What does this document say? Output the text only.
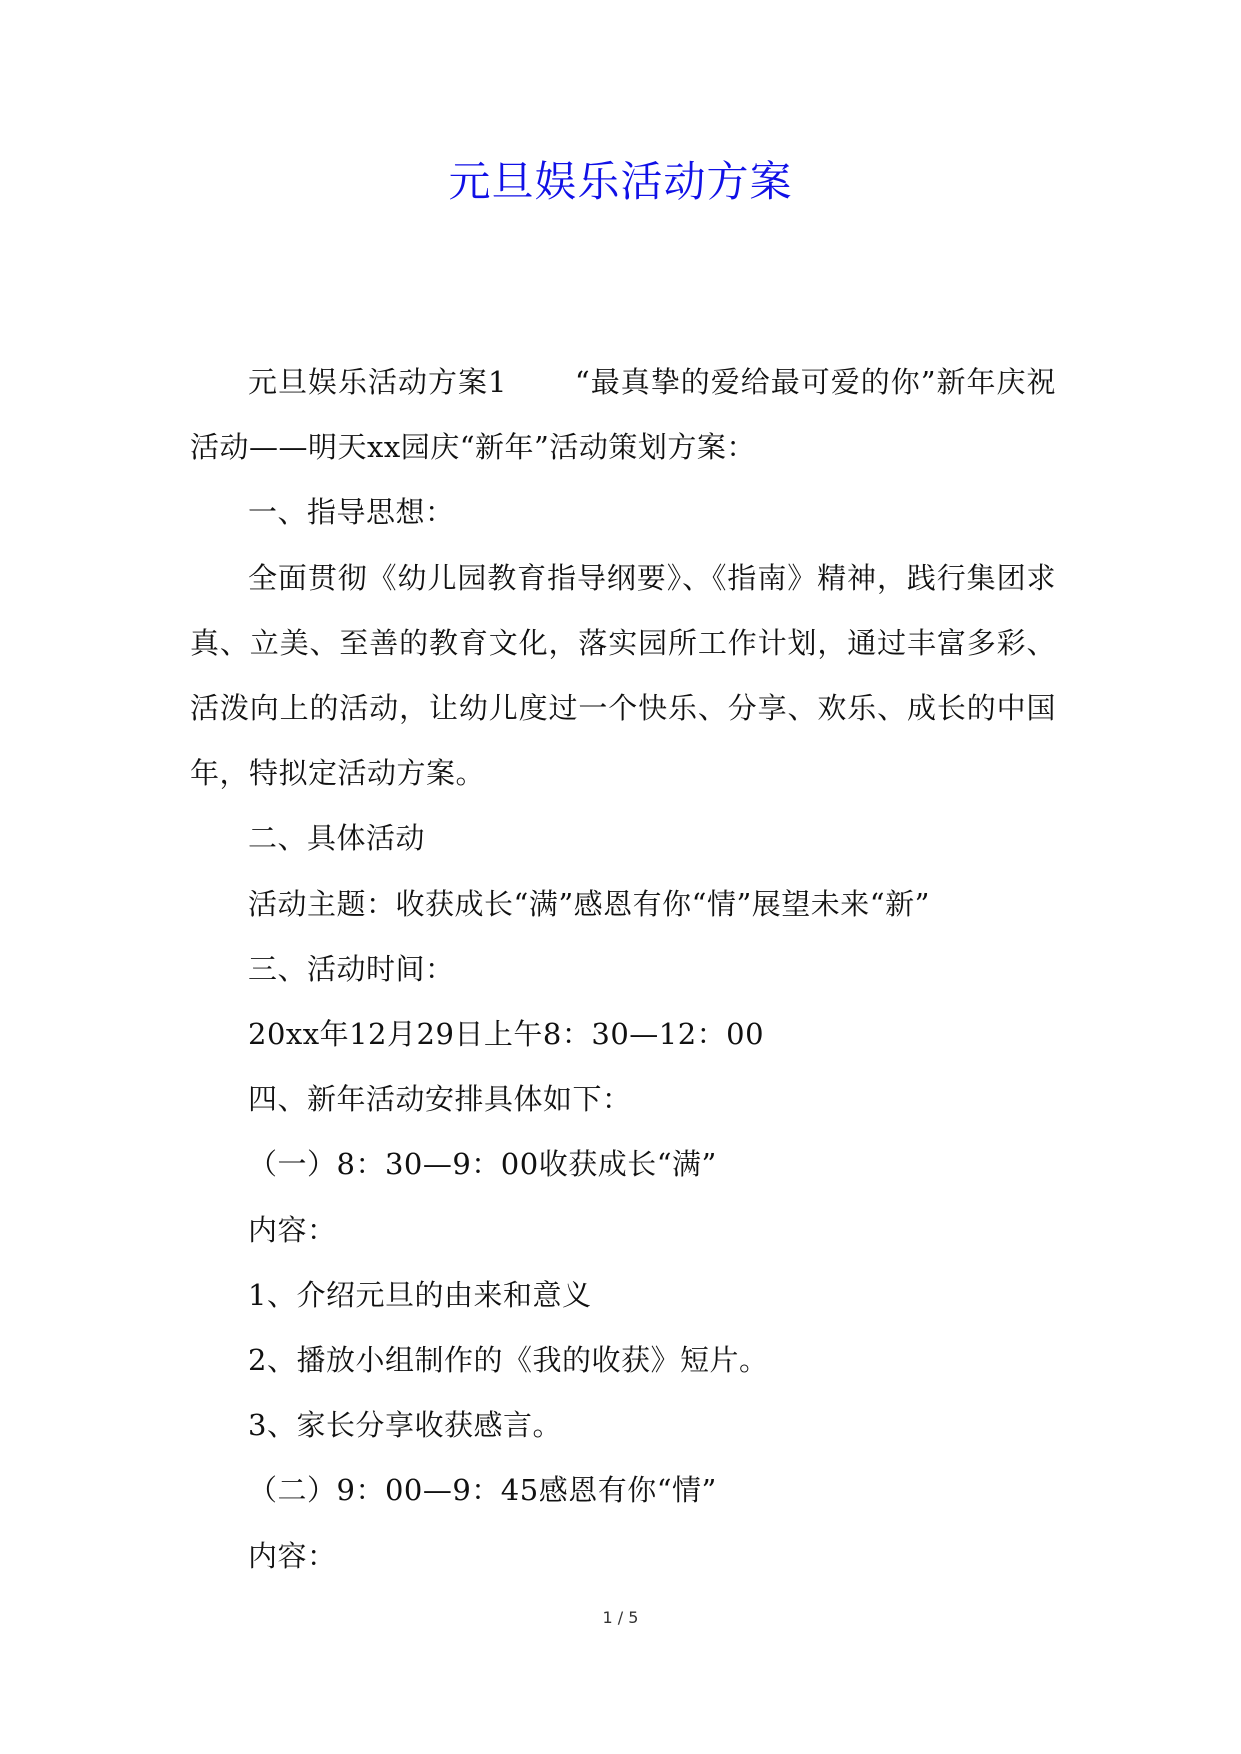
元旦娱乐活动方案

元旦娱乐活动方案1 “最真挚的爱给最可爱的你”新年庆祝活动——明天xx园庆“新年”活动策划方案：

一、指导思想：

全面贯彻《幼儿园教育指导纲要》、《指南》精神，践行集团求真、立美、至善的教育文化，落实园所工作计划，通过丰富多彩、活泼向上的活动，让幼儿度过一个快乐、分享、欢乐、成长的中国年，特拟定活动方案。

二、具体活动

活动主题：收获成长“满”感恩有你“情”展望未来“新”

三、活动时间：

20xx年12月29日上午8：30—12：00

四、新年活动安排具体如下：

（一）8：30—9：00收获成长“满”

内容：

1、介绍元旦的由来和意义

2、播放小组制作的《我的收获》短片。

3、家长分享收获感言。

（二）9：00—9：45感恩有你“情”

内容：

1 / 5
